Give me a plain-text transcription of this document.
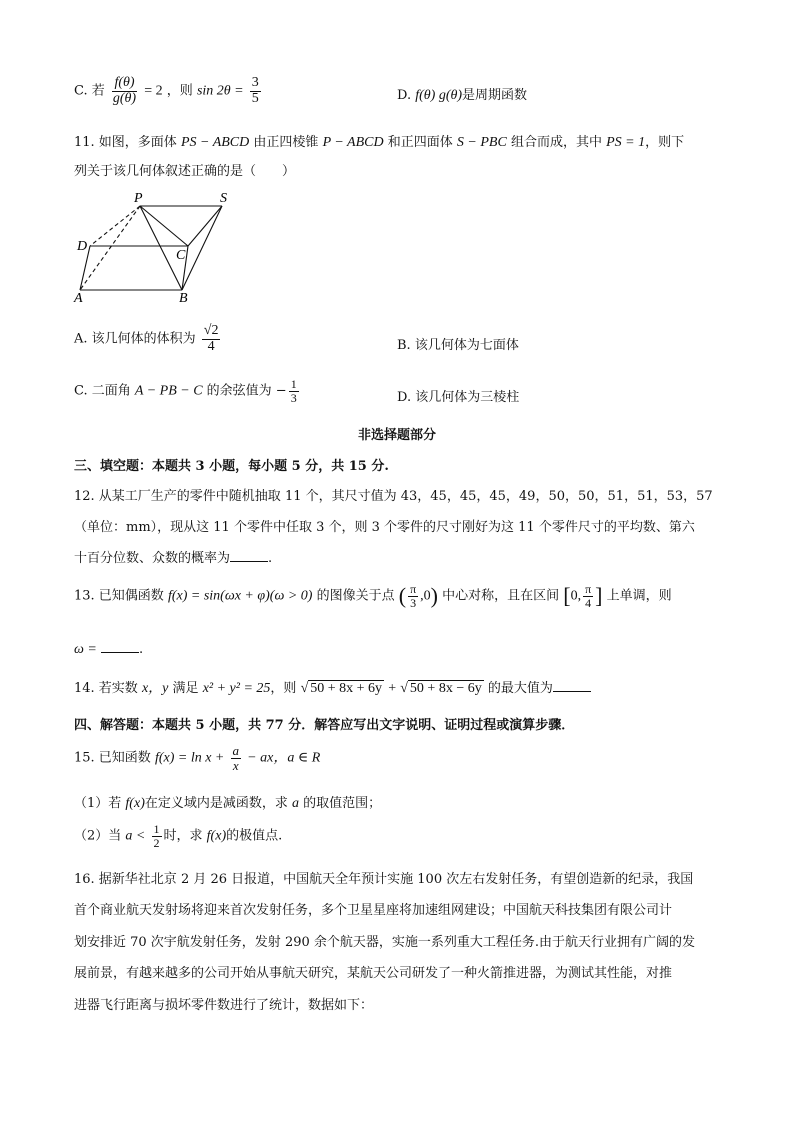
C. 若 $\frac{f(\theta)}{g(\theta)} = 2$ ，则 $\sin 2\theta = \frac{3}{5}$	D. f(θ) g(θ)是周期函数
11. 如图，多面体 PS − ABCD 由正四棱锥 P − ABCD 和正四面体 S − PBC 组合而成，其中 PS = 1，则下
列关于该几何体叙述正确的是（　　）
P	S
D
C
A	B
A. 该几何体的体积为 $\frac{√2}{4}$	B. 该几何体为七面体
C. 二面角 A − PB − C 的余弦值为 − $\frac{1}{3}$	D. 该几何体为三棱柱
非选择题部分
三、填空题：本题共 3 小题，每小题 5 分，共 15 分.
12. 从某工厂生产的零件中随机抽取 11 个，其尺寸值为 43，45，45，45，49，50，50，51，51，53，57
（单位：mm），现从这 11 个零件中任取 3 个，则 3 个零件的尺寸刚好为这 11 个零件尺寸的平均数、第六
十百分位数、众数的概率为	.
13. 已知偶函数 f(x) = sin(ωx + φ)(ω > 0) 的图像关于点 ( $\frac{\pi}{3} ,0$) 中心对称，且在区间 [0, $\frac{\pi}{4}$ ] 上单调，则
ω =	.
14. 若实数 x，y 满足 x² + y² = 25，则 √ 50 + 8x + 6y + √ 50 + 8x − 6y 的最大值为
四、解答题：本题共 5 小题，共 77 分．解答应写出文字说明、证明过程或演算步骤．
15. 已知函数 $f(x) = \ln x + \frac{a}{x}$ − ax，a ∈ R
（1）若 f(x)在定义域内是减函数，求 a 的取值范围；
（2）当 $a < \frac{1}{2}$ 时，求 f(x)的极值点.
16. 据新华社北京 2 月 26 日报道，中国航天全年预计实施 100 次左右发射任务，有望创造新的纪录，我国
首个商业航天发射场将迎来首次发射任务，多个卫星星座将加速组网建设；中国航天科技集团有限公司计
划安排近 70 次宇航发射任务，发射 290 余个航天器，实施一系列重大工程任务.由于航天行业拥有广阔的发
展前景，有越来越多的公司开始从事航天研究，某航天公司研发了一种火箭推进器，为测试其性能，对推
进器飞行距离与损坏零件数进行了统计，数据如下：
